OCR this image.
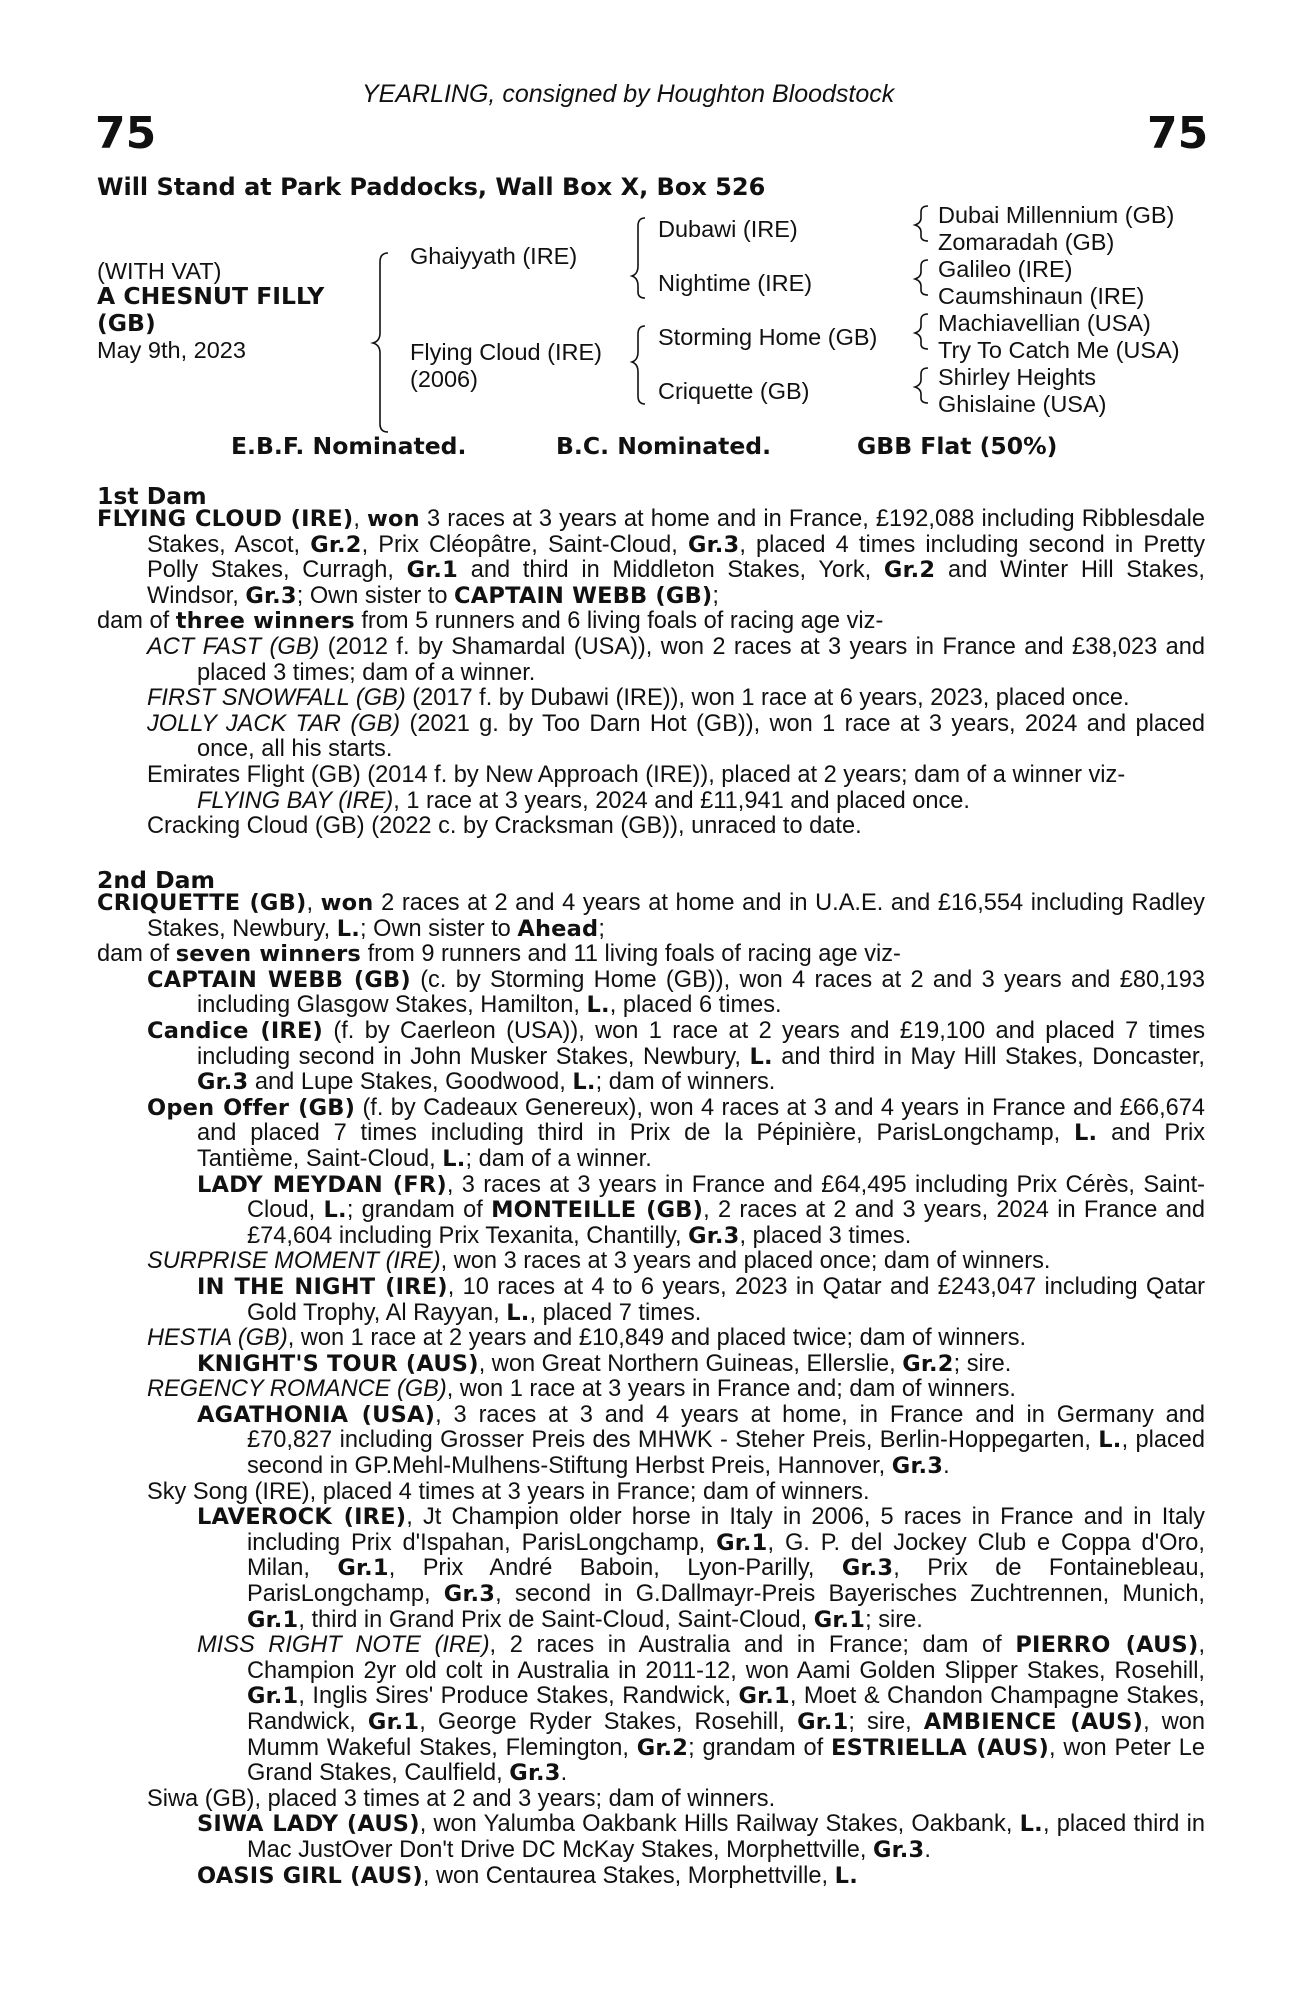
YEARLING, consigned by Houghton Bloodstock
75	75
Will Stand at Park Paddocks, Wall Box X, Box 526
(WITH VAT)
A CHESNUT FILLY
(GB)
May 9th, 2023
Ghaiyyath (IRE)
Flying Cloud (IRE)
(2006)
Dubawi (IRE)
Nightime (IRE)
Storming Home (GB)
Criquette (GB)
Dubai Millennium (GB)
Zomaradah (GB)
Galileo (IRE)
Caumshinaun (IRE)
Machiavellian (USA)
Try To Catch Me (USA)
Shirley Heights
Ghislaine (USA)
E.B.F. Nominated.	B.C. Nominated.	GBB Flat (50%)
1st Dam

FLYING CLOUD (IRE), won 3 races at 3 years at home and in France, £192,088 including Ribblesdale Stakes, Ascot, Gr.2, Prix Cléopâtre, Saint-Cloud, Gr.3, placed 4 times including second in Pretty Polly Stakes, Curragh, Gr.1 and third in Middleton Stakes, York, Gr.2 and Winter Hill Stakes, Windsor, Gr.3; Own sister to CAPTAIN WEBB (GB);

dam of three winners from 5 runners and 6 living foals of racing age viz-

ACT FAST (GB) (2012 f. by Shamardal (USA)), won 2 races at 3 years in France and £38,023 and placed 3 times; dam of a winner.

FIRST SNOWFALL (GB) (2017 f. by Dubawi (IRE)), won 1 race at 6 years, 2023, placed once.

JOLLY JACK TAR (GB) (2021 g. by Too Darn Hot (GB)), won 1 race at 3 years, 2024 and placed once, all his starts.

Emirates Flight (GB) (2014 f. by New Approach (IRE)), placed at 2 years; dam of a winner viz-

FLYING BAY (IRE), 1 race at 3 years, 2024 and £11,941 and placed once.

Cracking Cloud (GB) (2022 c. by Cracksman (GB)), unraced to date.

2nd Dam

CRIQUETTE (GB), won 2 races at 2 and 4 years at home and in U.A.E. and £16,554 including Radley Stakes, Newbury, L.; Own sister to Ahead;

dam of seven winners from 9 runners and 11 living foals of racing age viz-

CAPTAIN WEBB (GB) (c. by Storming Home (GB)), won 4 races at 2 and 3 years and £80,193 including Glasgow Stakes, Hamilton, L., placed 6 times.

Candice (IRE) (f. by Caerleon (USA)), won 1 race at 2 years and £19,100 and placed 7 times including second in John Musker Stakes, Newbury, L. and third in May Hill Stakes, Doncaster, Gr.3 and Lupe Stakes, Goodwood, L.; dam of winners.

Open Offer (GB) (f. by Cadeaux Genereux), won 4 races at 3 and 4 years in France and £66,674 and placed 7 times including third in Prix de la Pépinière, ParisLongchamp, L. and Prix Tantième, Saint-Cloud, L.; dam of a winner.

LADY MEYDAN (FR), 3 races at 3 years in France and £64,495 including Prix Cérès, Saint-Cloud, L.; grandam of MONTEILLE (GB), 2 races at 2 and 3 years, 2024 in France and £74,604 including Prix Texanita, Chantilly, Gr.3, placed 3 times.

SURPRISE MOMENT (IRE), won 3 races at 3 years and placed once; dam of winners.

IN THE NIGHT (IRE), 10 races at 4 to 6 years, 2023 in Qatar and £243,047 including Qatar Gold Trophy, Al Rayyan, L., placed 7 times.

HESTIA (GB), won 1 race at 2 years and £10,849 and placed twice; dam of winners.

KNIGHT'S TOUR (AUS), won Great Northern Guineas, Ellerslie, Gr.2; sire.

REGENCY ROMANCE (GB), won 1 race at 3 years in France and; dam of winners.

AGATHONIA (USA), 3 races at 3 and 4 years at home, in France and in Germany and £70,827 including Grosser Preis des MHWK - Steher Preis, Berlin-Hoppegarten, L., placed second in GP.Mehl-Mulhens-Stiftung Herbst Preis, Hannover, Gr.3.

Sky Song (IRE), placed 4 times at 3 years in France; dam of winners.

LAVEROCK (IRE), Jt Champion older horse in Italy in 2006, 5 races in France and in Italy including Prix d'Ispahan, ParisLongchamp, Gr.1, G. P. del Jockey Club e Coppa d'Oro, Milan, Gr.1, Prix André Baboin, Lyon-Parilly, Gr.3, Prix de Fontainebleau, ParisLongchamp, Gr.3, second in G.Dallmayr-Preis Bayerisches Zuchtrennen, Munich, Gr.1, third in Grand Prix de Saint-Cloud, Saint-Cloud, Gr.1; sire.

MISS RIGHT NOTE (IRE), 2 races in Australia and in France; dam of PIERRO (AUS), Champion 2yr old colt in Australia in 2011-12, won Aami Golden Slipper Stakes, Rosehill, Gr.1, Inglis Sires' Produce Stakes, Randwick, Gr.1, Moet & Chandon Champagne Stakes, Randwick, Gr.1, George Ryder Stakes, Rosehill, Gr.1; sire, AMBIENCE (AUS), won Mumm Wakeful Stakes, Flemington, Gr.2; grandam of ESTRIELLA (AUS), won Peter Le Grand Stakes, Caulfield, Gr.3.

Siwa (GB), placed 3 times at 2 and 3 years; dam of winners.

SIWA LADY (AUS), won Yalumba Oakbank Hills Railway Stakes, Oakbank, L., placed third in Mac JustOver Don't Drive DC McKay Stakes, Morphettville, Gr.3.

OASIS GIRL (AUS), won Centaurea Stakes, Morphettville, L.
